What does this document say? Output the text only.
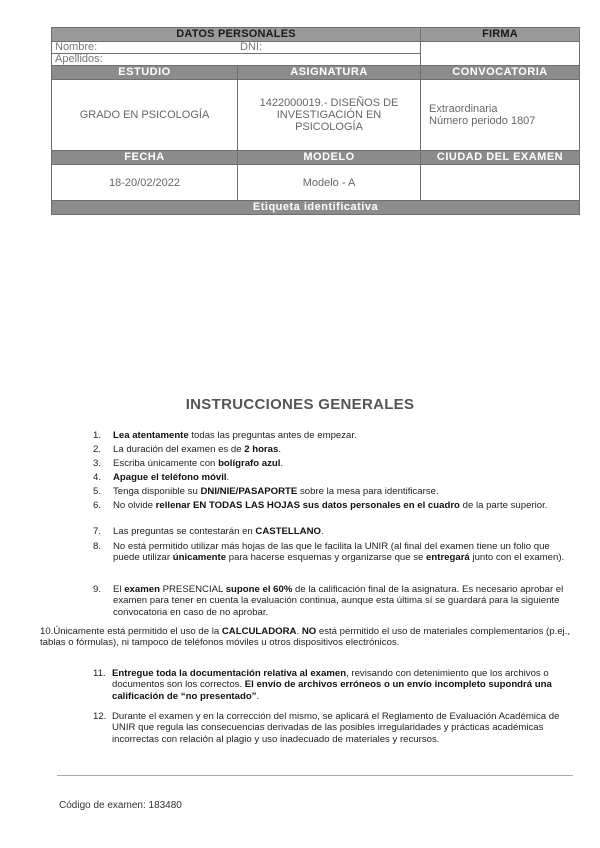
DATOS PERSONALES		FIRMA
Nombre: DNI:		

Apellidos:		
ESTUDIO	ASIGNATURA	CONVOCATORIA
GRADO EN PSICOLOGÍA	1422000019.- DISEÑOS DE INVESTIGACIÓN EN PSICOLOGÍA	Extraordinaria
Número periodo 1807

FECHA	MODELO	CIUDAD DEL EXAMEN
18-20/02/2022	Modelo - A	
Etiqueta identificativa		
INSTRUCCIONES GENERALES
1. Lea atentamente todas las preguntas antes de empezar.
2. La duración del examen es de 2 horas.
3. Escriba únicamente con bolígrafo azul.
4. Apague el teléfono móvil.
5. Tenga disponible su DNI/NIE/PASAPORTE sobre la mesa para identificarse.
6. No olvide rellenar EN TODAS LAS HOJAS sus datos personales en el cuadro de la parte superior.
7. Las preguntas se contestarán en CASTELLANO.
8. No está permitido utilizar más hojas de las que le facilita la UNIR (al final del examen tiene un folio que puede utilizar únicamente para hacerse esquemas y organizarse que se entregará junto con el examen).
9. El examen PRESENCIAL supone el 60% de la calificación final de la asignatura. Es necesario aprobar el examen para tener en cuenta la evaluación continua, aunque esta última sí se guardará para la siguiente convocatoria en caso de no aprobar.
10.Únicamente está permitido el uso de la CALCULADORA. NO está permitido el uso de materiales complementarios (p.ej., tablas o fórmulas), ni tampoco de teléfonos móviles u otros dispositivos electrónicos.
11. Entregue toda la documentación relativa al examen, revisando con detenimiento que los archivos o documentos son los correctos. El envío de archivos erróneos o un envío incompleto supondrá una calificación de “no presentado”.
12. Durante el examen y en la corrección del mismo, se aplicará el Reglamento de Evaluación Académica de UNIR que regula las consecuencias derivadas de las posibles irregularidades y prácticas académicas incorrectas con relación al plagio y uso inadecuado de materiales y recursos.
Código de examen: 183480
